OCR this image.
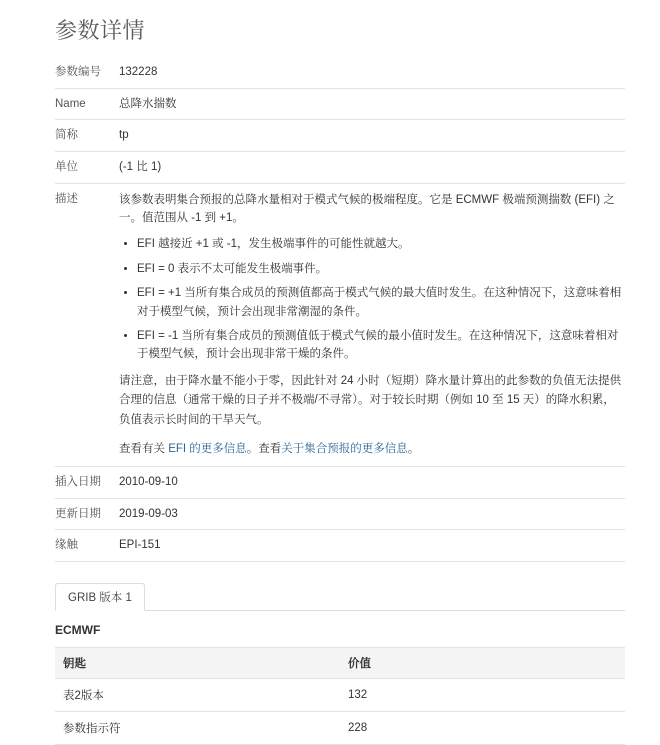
参数详情
参数编号	132228
Name	总降水揣数
简称	tp
单位	(-1 比 1)
描述	该参数表明集合预报的总降水量相对于模式气候的极端程度。它是 ECMWF 极端预测揣数 (EFI) 之一。值范围从 -1 到 +1。

• EFI 越接近 +1 或 -1，发生极端事件的可能性就越大。
• EFI = 0 表示不太可能发生极端事件。
• EFI = +1 当所有集合成员的预测值都高于模式气候的最大值时发生。在这种情况下，这意味着相对于模型气候，预计会出现非常潮湿的条件。
• EFI = -1 当所有集合成员的预测值低于模式气候的最小值时发生。在这种情况下，这意味着相对于模型气候，预计会出现非常干燥的条件。

请注意，由于降水量不能小于零，因此针对 24 小时（短期）降水量计算出的此参数的负值无法提供合理的信息（通常干燥的日子并不极端/不寻常）。对于较长时期（例如 10 至 15 天）的降水积累，负值表示长时间的干旱天气。

查看有关 EFI 的更多信息。查看关于集合预报的更多信息。

插入日期	2010-09-10
更新日期	2019-09-03
缘触	EPI-151
GRIB 版本 1
ECMWF
钥匙	价值
表2版本	132
参数指示符	228
